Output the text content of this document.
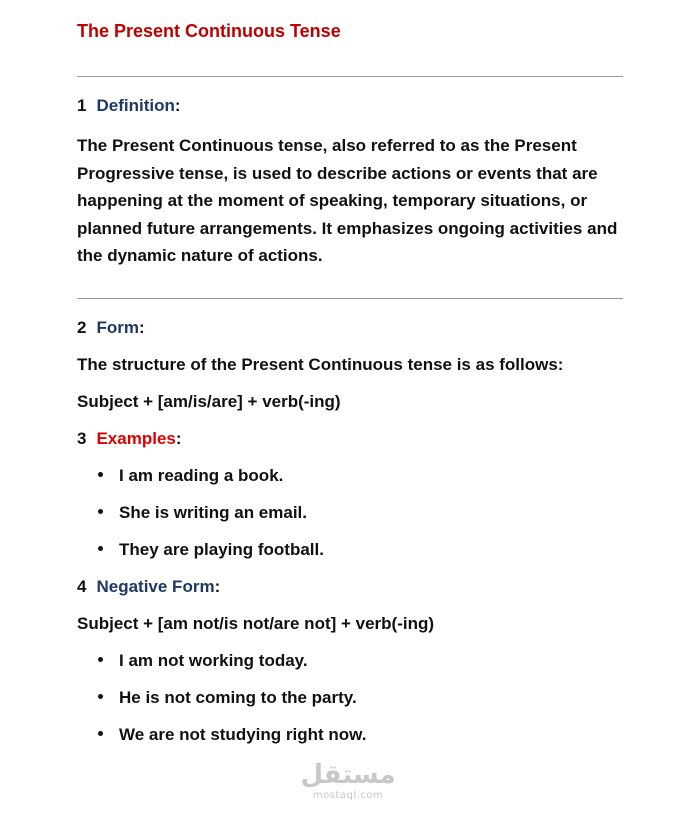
The Present Continuous Tense
1 Definition:

The Present Continuous tense, also referred to as the Present Progressive tense, is used to describe actions or events that are happening at the moment of speaking, temporary situations, or planned future arrangements. It emphasizes ongoing activities and the dynamic nature of actions.

2 Form:
The structure of the Present Continuous tense is as follows:
Subject + [am/is/are] + verb(-ing)
3 Examples:
I am reading a book.
She is writing an email.
They are playing football.
4 Negative Form:
Subject + [am not/is not/are not] + verb(-ing)
I am not working today.
He is not coming to the party.
We are not studying right now.
مستقل
mostaql.com
